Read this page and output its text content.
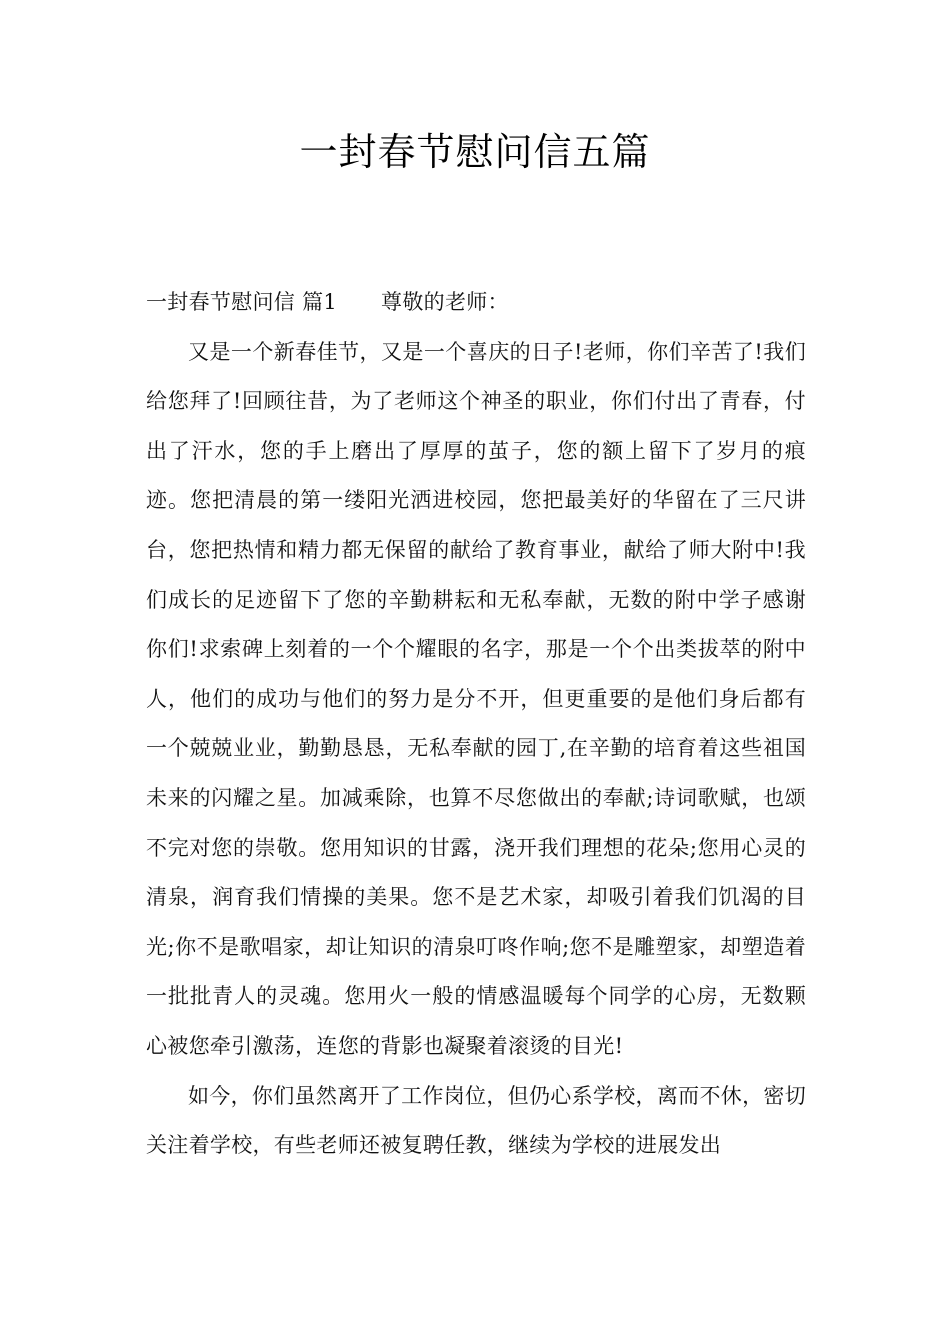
一封春节慰问信五篇

一封春节慰问信 篇1 尊敬的老师：

又是一个新春佳节，又是一个喜庆的日子!老师，你们辛苦了!我们给您拜了!回顾往昔，为了老师这个神圣的职业，你们付出了青春，付出了汗水，您的手上磨出了厚厚的茧子，您的额上留下了岁月的痕迹。您把清晨的第一缕阳光洒进校园，您把最美好的华留在了三尺讲台，您把热情和精力都无保留的献给了教育事业，献给了师大附中!我们成长的足迹留下了您的辛勤耕耘和无私奉献，无数的附中学子感谢你们!求索碑上刻着的一个个耀眼的名字，那是一个个出类拔萃的附中人，他们的成功与他们的努力是分不开，但更重要的是他们身后都有一个兢兢业业，勤勤恳恳，无私奉献的园丁,在辛勤的培育着这些祖国未来的闪耀之星。加减乘除，也算不尽您做出的奉献;诗词歌赋，也颂不完对您的崇敬。您用知识的甘露，浇开我们理想的花朵;您用心灵的清泉，润育我们情操的美果。您不是艺术家，却吸引着我们饥渴的目光;你不是歌唱家，却让知识的清泉叮咚作响;您不是雕塑家，却塑造着一批批青人的灵魂。您用火一般的情感温暖每个同学的心房，无数颗心被您牵引激荡，连您的背影也凝聚着滚烫的目光!

如今，你们虽然离开了工作岗位，但仍心系学校，离而不休，密切关注着学校，有些老师还被复聘任教，继续为学校的进展发出
